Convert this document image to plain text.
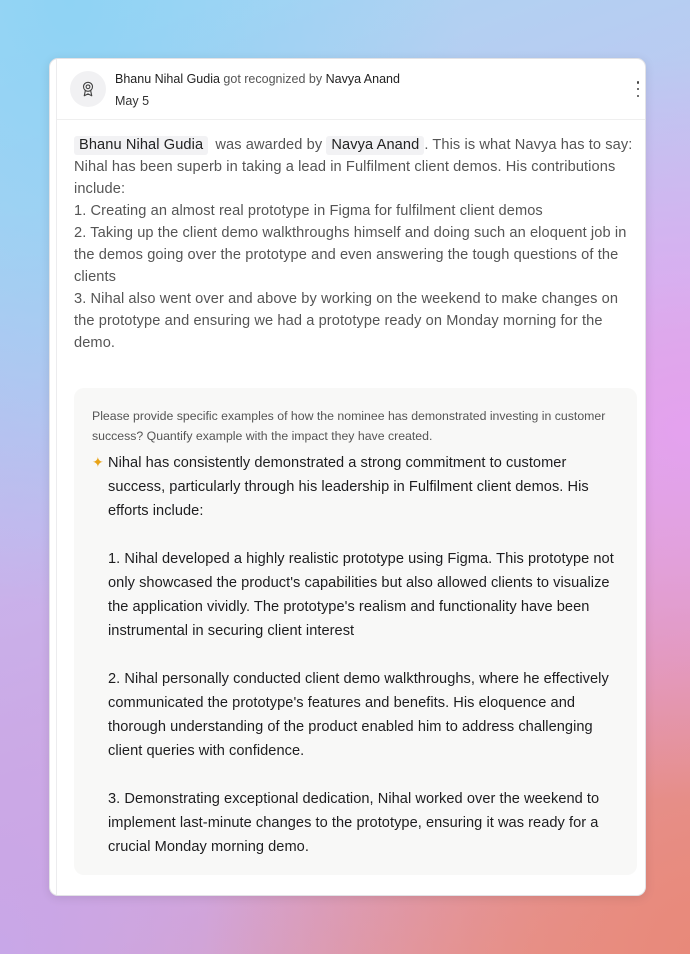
Bhanu Nihal Gudia got recognized by Navya Anand
May 5
Bhanu Nihal Gudia was awarded by Navya Anand . This is what Navya has to say:
Nihal has been superb in taking a lead in Fulfilment client demos. His contributions include:
1. Creating an almost real prototype in Figma for fulfilment client demos
2. Taking up the client demo walkthroughs himself and doing such an eloquent job in the demos going over the prototype and even answering the tough questions of the clients
3. Nihal also went over and above by working on the weekend to make changes on the prototype and ensuring we had a prototype ready on Monday morning for the demo.
Please provide specific examples of how the nominee has demonstrated investing in customer success? Quantify example with the impact they have created.
✦ Nihal has consistently demonstrated a strong commitment to customer success, particularly through his leadership in Fulfilment client demos. His efforts include:

1. Nihal developed a highly realistic prototype using Figma. This prototype not only showcased the product's capabilities but also allowed clients to visualize the application vividly. The prototype's realism and functionality have been instrumental in securing client interest

2. Nihal personally conducted client demo walkthroughs, where he effectively communicated the prototype's features and benefits. His eloquence and thorough understanding of the product enabled him to address challenging client queries with confidence.

3. Demonstrating exceptional dedication, Nihal worked over the weekend to implement last-minute changes to the prototype, ensuring it was ready for a crucial Monday morning demo.
